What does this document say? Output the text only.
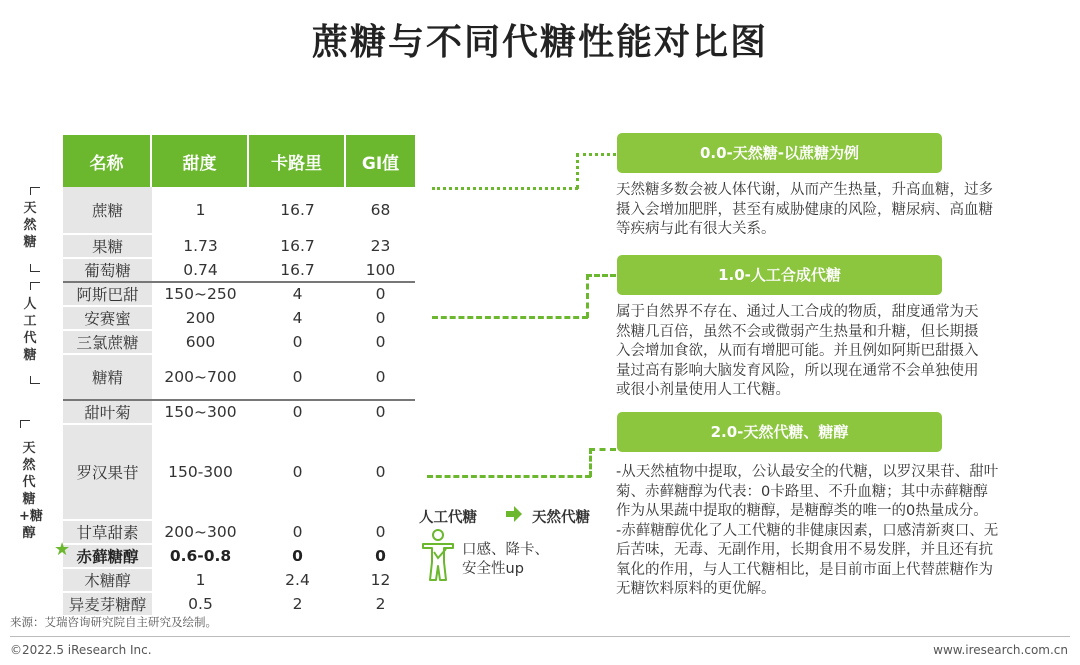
蔗糖与不同代糖性能对比图
天然糖
人工代糖
天然代糖+糖醇
名称	甜度	卡路里	GI值
蔗糖	1	16.7	68
果糖	1.73	16.7	23
葡萄糖	0.74	16.7	100
阿斯巴甜	150~250	4	0
安赛蜜	200	4	0
三氯蔗糖	600	0	0
糖精	200~700	0	0
甜叶菊	150~300	0	0
罗汉果苷	150-300	0	0
甘草甜素	200~300	0	0
赤藓糖醇	0.6-0.8	0	0
木糖醇	1	2.4	12
异麦芽糖醇	0.5	2	2
★
0.0-天然糖-以蔗糖为例
天然糖多数会被人体代谢，从而产生热量，升高血糖，过多
摄入会增加肥胖，甚至有威胁健康的风险，糖尿病、高血糖
等疾病与此有很大关系。
1.0-人工合成代糖
属于自然界不存在、通过人工合成的物质，甜度通常为天
然糖几百倍，虽然不会或微弱产生热量和升糖，但长期摄
入会增加食欲，从而有增肥可能。并且例如阿斯巴甜摄入
量过高有影响大脑发育风险，所以现在通常不会单独使用
或很小剂量使用人工代糖。
2.0-天然代糖、糖醇
-从天然植物中提取，公认最安全的代糖，以罗汉果苷、甜叶
菊、赤藓糖醇为代表：0卡路里、不升血糖；其中赤藓糖醇
作为从果蔬中提取的糖醇，是糖醇类的唯一的0热量成分。
-赤藓糖醇优化了人工代糖的非健康因素，口感清新爽口、无
后苦味，无毒、无副作用，长期食用不易发胖，并且还有抗
氧化的作用，与人工代糖相比，是目前市面上代替蔗糖作为
无糖饮料原料的更优解。
人工代糖	天然代糖
口感、降卡、
安全性up
来源：艾瑞咨询研究院自主研究及绘制。
©2022.5 iResearch Inc.	www.iresearch.com.cn
